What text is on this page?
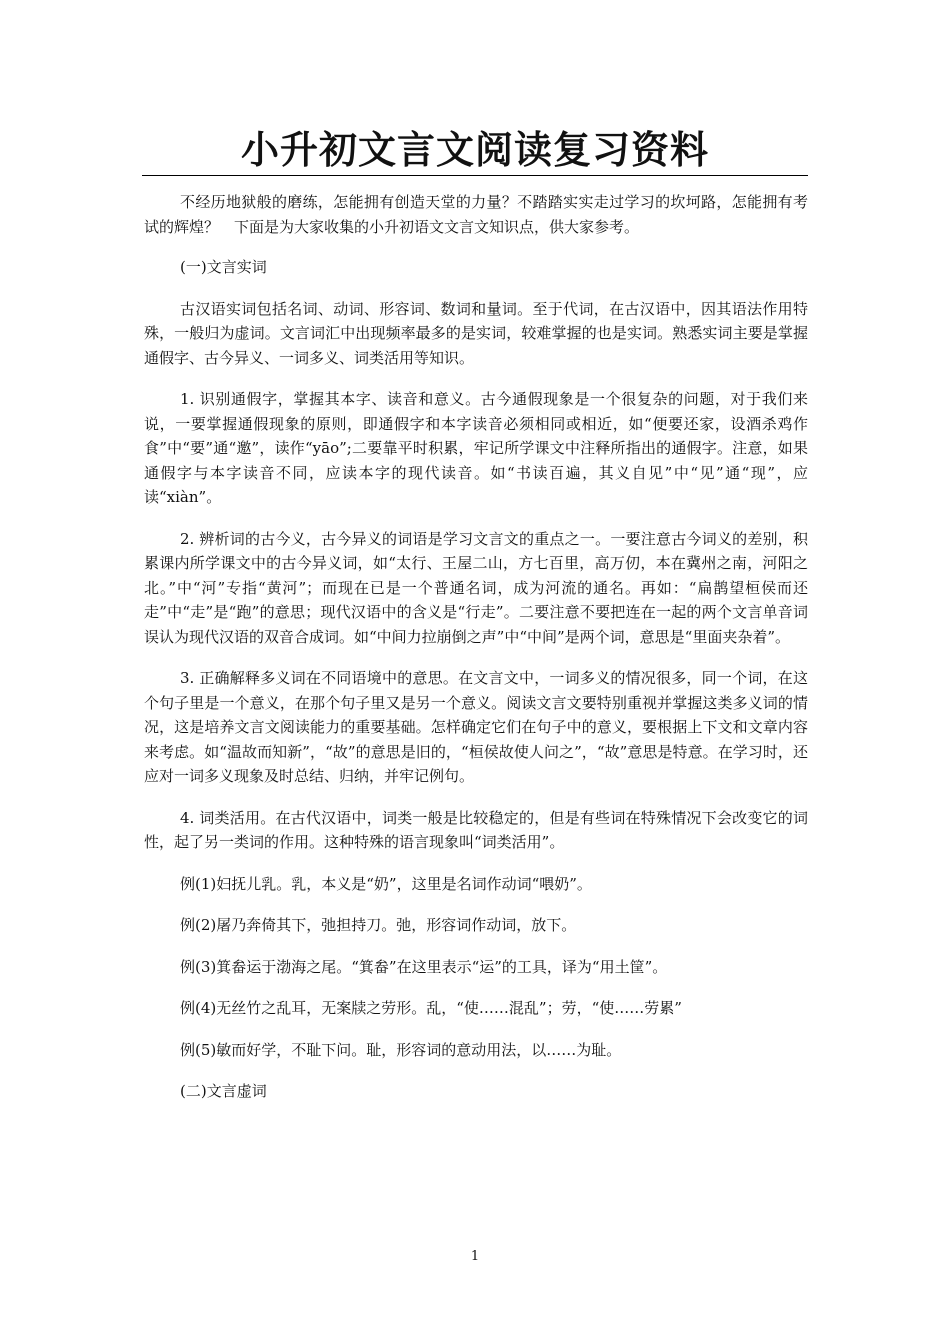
小升初文言文阅读复习资料

不经历地狱般的磨练，怎能拥有创造天堂的力量？不踏踏实实走过学习的坎坷路，怎能拥有考试的辉煌？　下面是为大家收集的小升初语文文言文知识点，供大家参考。

(一)文言实词

古汉语实词包括名词、动词、形容词、数词和量词。至于代词，在古汉语中，因其语法作用特殊，一般归为虚词。文言词汇中出现频率最多的是实词，较难掌握的也是实词。熟悉实词主要是掌握通假字、古今异义、一词多义、词类活用等知识。

1. 识别通假字，掌握其本字、读音和意义。古今通假现象是一个很复杂的问题，对于我们来说，一要掌握通假现象的原则，即通假字和本字读音必须相同或相近，如“便要还家，设酒杀鸡作食”中“要”通“邀”，读作“yāo”;二要靠平时积累，牢记所学课文中注释所指出的通假字。注意，如果通假字与本字读音不同，应读本字的现代读音。如“书读百遍，其义自见”中“见”通“现”，应读“xiàn”。

2. 辨析词的古今义，古今异义的词语是学习文言文的重点之一。一要注意古今词义的差别，积累课内所学课文中的古今异义词，如“太行、王屋二山，方七百里，高万仞，本在冀州之南，河阳之北。”中“河”专指“黄河”；而现在已是一个普通名词，成为河流的通名。再如：“扁鹊望桓侯而还走”中“走”是“跑”的意思；现代汉语中的含义是“行走”。二要注意不要把连在一起的两个文言单音词误认为现代汉语的双音合成词。如“中间力拉崩倒之声”中“中间”是两个词，意思是“里面夹杂着”。

3. 正确解释多义词在不同语境中的意思。在文言文中，一词多义的情况很多，同一个词，在这个句子里是一个意义，在那个句子里又是另一个意义。阅读文言文要特别重视并掌握这类多义词的情况，这是培养文言文阅读能力的重要基础。怎样确定它们在句子中的意义，要根据上下文和文章内容来考虑。如“温故而知新”，“故”的意思是旧的，“桓侯故使人问之”，“故”意思是特意。在学习时，还应对一词多义现象及时总结、归纳，并牢记例句。

4. 词类活用。在古代汉语中，词类一般是比较稳定的，但是有些词在特殊情况下会改变它的词性，起了另一类词的作用。这种特殊的语言现象叫“词类活用”。

例(1)妇抚儿乳。乳，本义是“奶”，这里是名词作动词“喂奶”。

例(2)屠乃奔倚其下，弛担持刀。弛，形容词作动词，放下。

例(3)箕畚运于渤海之尾。“箕畚”在这里表示“运”的工具，译为“用土筐”。

例(4)无丝竹之乱耳，无案牍之劳形。乱，“使……混乱”；劳，“使……劳累”

例(5)敏而好学，不耻下问。耻，形容词的意动用法，以……为耻。

(二)文言虚词

1
